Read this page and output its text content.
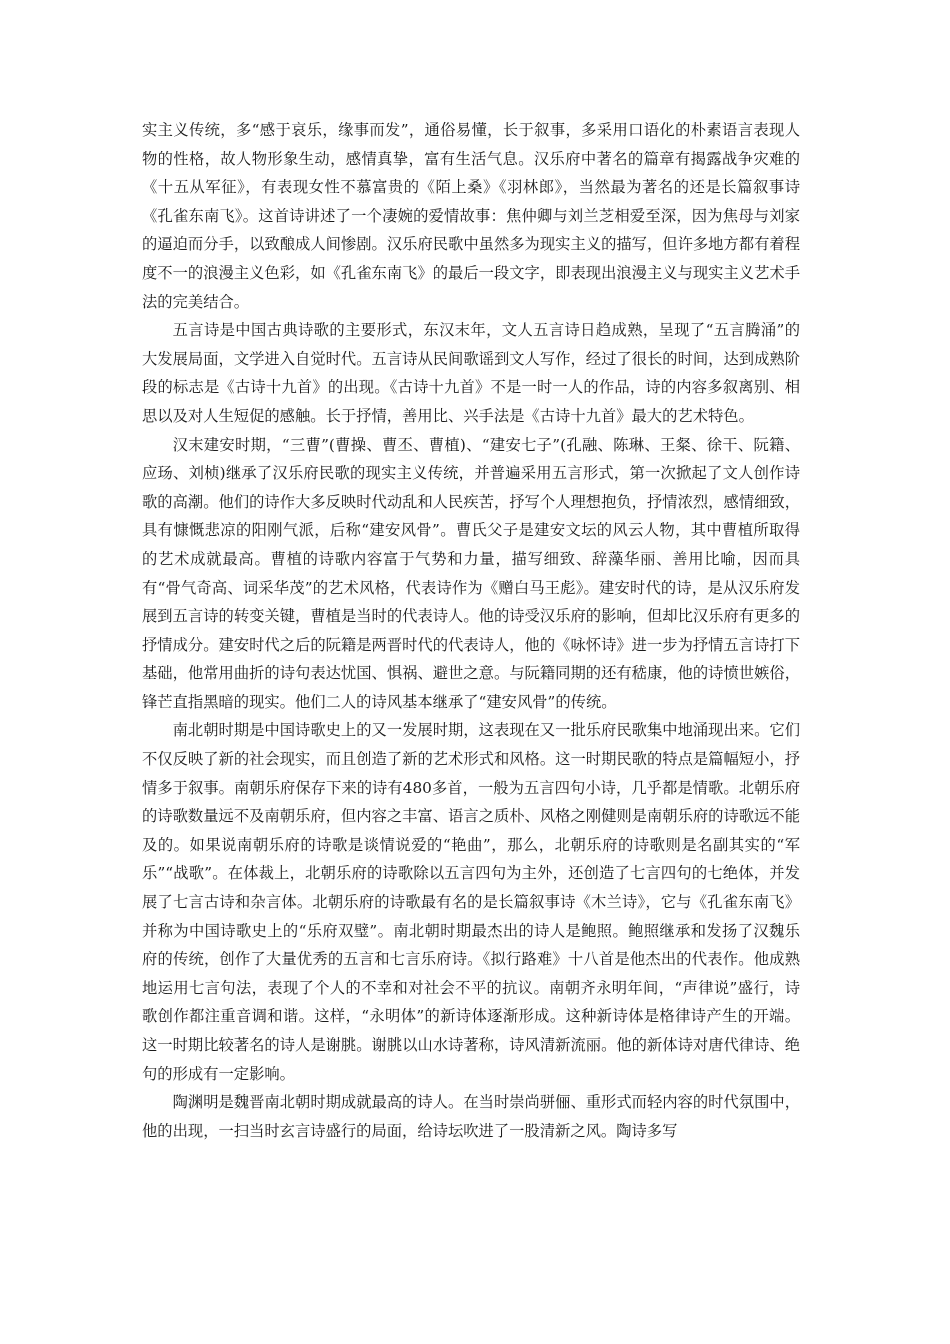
实主义传统，多“感于哀乐，缘事而发”，通俗易懂，长于叙事，多采用口语化的朴素语言表现人物的性格，故人物形象生动，感情真挚，富有生活气息。汉乐府中著名的篇章有揭露战争灾难的《十五从军征》，有表现女性不慕富贵的《陌上桑》《羽林郎》，当然最为著名的还是长篇叙事诗《孔雀东南飞》。这首诗讲述了一个凄婉的爱情故事：焦仲卿与刘兰芝相爱至深，因为焦母与刘家的逼迫而分手，以致酿成人间惨剧。汉乐府民歌中虽然多为现实主义的描写，但许多地方都有着程度不一的浪漫主义色彩，如《孔雀东南飞》的最后一段文字，即表现出浪漫主义与现实主义艺术手法的完美结合。

五言诗是中国古典诗歌的主要形式，东汉末年，文人五言诗日趋成熟，呈现了“五言腾涌”的大发展局面，文学进入自觉时代。五言诗从民间歌谣到文人写作，经过了很长的时间，达到成熟阶段的标志是《古诗十九首》的出现。《古诗十九首》不是一时一人的作品，诗的内容多叙离别、相思以及对人生短促的感触。长于抒情，善用比、兴手法是《古诗十九首》最大的艺术特色。

汉末建安时期，“三曹”(曹操、曹丕、曹植)、“建安七子”(孔融、陈琳、王粲、徐干、阮籍、应玚、刘桢)继承了汉乐府民歌的现实主义传统，并普遍采用五言形式，第一次掀起了文人创作诗歌的高潮。他们的诗作大多反映时代动乱和人民疾苦，抒写个人理想抱负，抒情浓烈，感情细致，具有慷慨悲凉的阳刚气派，后称“建安风骨”。曹氏父子是建安文坛的风云人物，其中曹植所取得的艺术成就最高。曹植的诗歌内容富于气势和力量，描写细致、辞藻华丽、善用比喻，因而具有“骨气奇高、词采华茂”的艺术风格，代表诗作为《赠白马王彪》。建安时代的诗，是从汉乐府发展到五言诗的转变关键，曹植是当时的代表诗人。他的诗受汉乐府的影响，但却比汉乐府有更多的抒情成分。建安时代之后的阮籍是两晋时代的代表诗人，他的《咏怀诗》进一步为抒情五言诗打下基础，他常用曲折的诗句表达忧国、惧祸、避世之意。与阮籍同期的还有嵇康，他的诗愤世嫉俗，锋芒直指黑暗的现实。他们二人的诗风基本继承了“建安风骨”的传统。

南北朝时期是中国诗歌史上的又一发展时期，这表现在又一批乐府民歌集中地涌现出来。它们不仅反映了新的社会现实，而且创造了新的艺术形式和风格。这一时期民歌的特点是篇幅短小，抒情多于叙事。南朝乐府保存下来的诗有480多首，一般为五言四句小诗，几乎都是情歌。北朝乐府的诗歌数量远不及南朝乐府，但内容之丰富、语言之质朴、风格之刚健则是南朝乐府的诗歌远不能及的。如果说南朝乐府的诗歌是谈情说爱的“艳曲”，那么，北朝乐府的诗歌则是名副其实的“军乐”“战歌”。在体裁上，北朝乐府的诗歌除以五言四句为主外，还创造了七言四句的七绝体，并发展了七言古诗和杂言体。北朝乐府的诗歌最有名的是长篇叙事诗《木兰诗》，它与《孔雀东南飞》并称为中国诗歌史上的“乐府双璧”。南北朝时期最杰出的诗人是鲍照。鲍照继承和发扬了汉魏乐府的传统，创作了大量优秀的五言和七言乐府诗。《拟行路难》十八首是他杰出的代表作。他成熟地运用七言句法，表现了个人的不幸和对社会不平的抗议。南朝齐永明年间，“声律说”盛行，诗歌创作都注重音调和谐。这样，“永明体”的新诗体逐渐形成。这种新诗体是格律诗产生的开端。这一时期比较著名的诗人是谢朓。谢朓以山水诗著称，诗风清新流丽。他的新体诗对唐代律诗、绝句的形成有一定影响。

陶渊明是魏晋南北朝时期成就最高的诗人。在当时崇尚骈俪、重形式而轻内容的时代氛围中，他的出现，一扫当时玄言诗盛行的局面，给诗坛吹进了一股清新之风。陶诗多写
